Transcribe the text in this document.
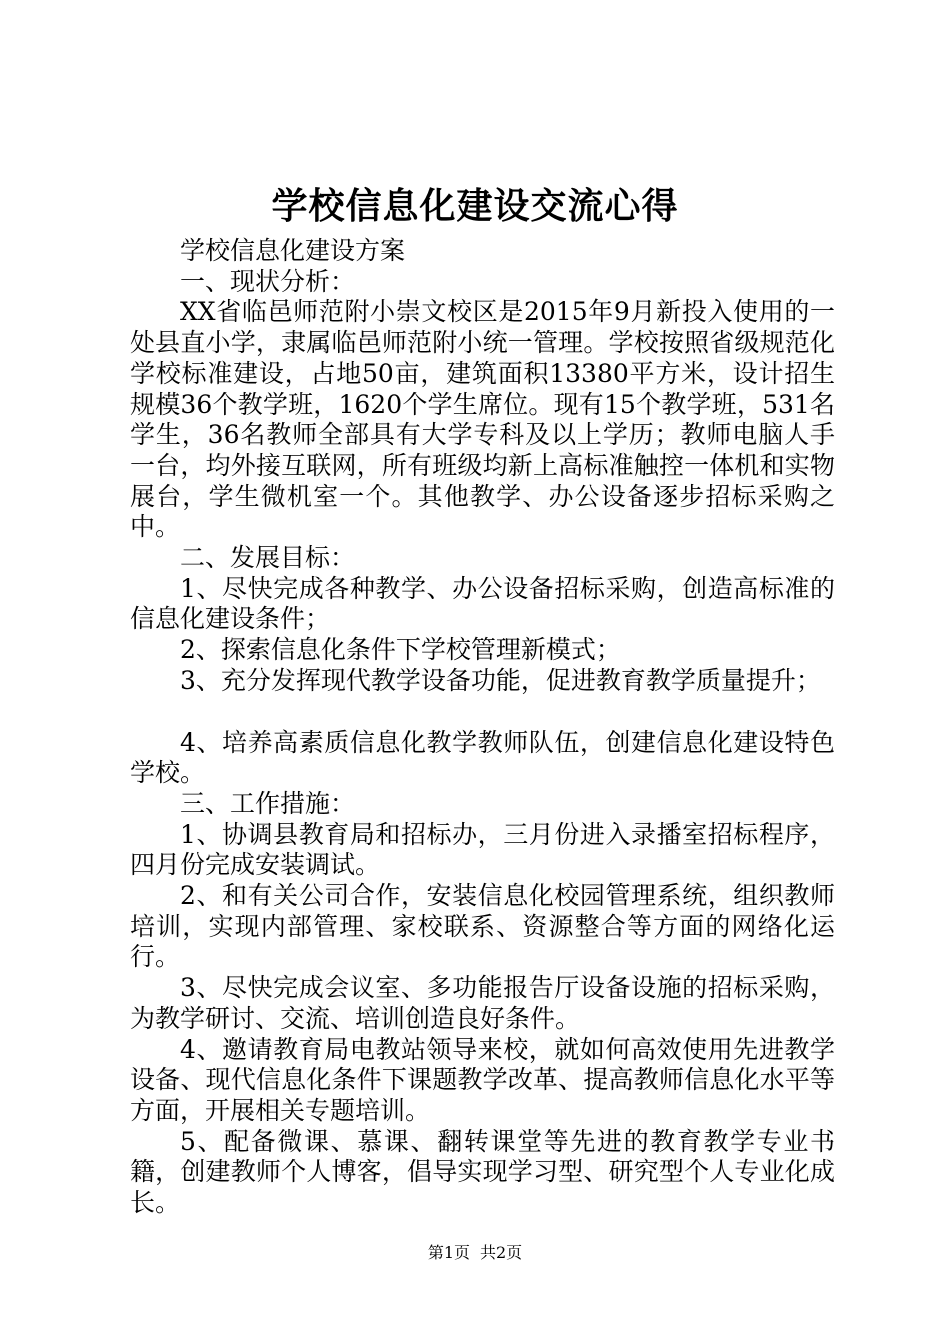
学校信息化建设交流心得

学校信息化建设方案

一、现状分析：

XX省临邑师范附小崇文校区是2015年9月新投入使用的一处县直小学，隶属临邑师范附小统一管理。学校按照省级规范化学校标准建设，占地50亩，建筑面积13380平方米，设计招生规模36个教学班，1620个学生席位。现有15个教学班，531名学生，36名教师全部具有大学专科及以上学历；教师电脑人手一台，均外接互联网，所有班级均新上高标准触控一体机和实物展台，学生微机室一个。其他教学、办公设备逐步招标采购之中。

二、发展目标：

1、尽快完成各种教学、办公设备招标采购，创造高标准的信息化建设条件；

2、探索信息化条件下学校管理新模式；

3、充分发挥现代教学设备功能，促进教育教学质量提升；

4、培养高素质信息化教学教师队伍，创建信息化建设特色学校。

三、工作措施：

1、协调县教育局和招标办，三月份进入录播室招标程序，四月份完成安装调试。

2、和有关公司合作，安装信息化校园管理系统，组织教师培训，实现内部管理、家校联系、资源整合等方面的网络化运行。

3、尽快完成会议室、多功能报告厅设备设施的招标采购，为教学研讨、交流、培训创造良好条件。

4、邀请教育局电教站领导来校，就如何高效使用先进教学设备、现代信息化条件下课题教学改革、提高教师信息化水平等方面，开展相关专题培训。

5、配备微课、慕课、翻转课堂等先进的教育教学专业书籍，创建教师个人博客，倡导实现学习型、研究型个人专业化成长。

第1页 共2页
